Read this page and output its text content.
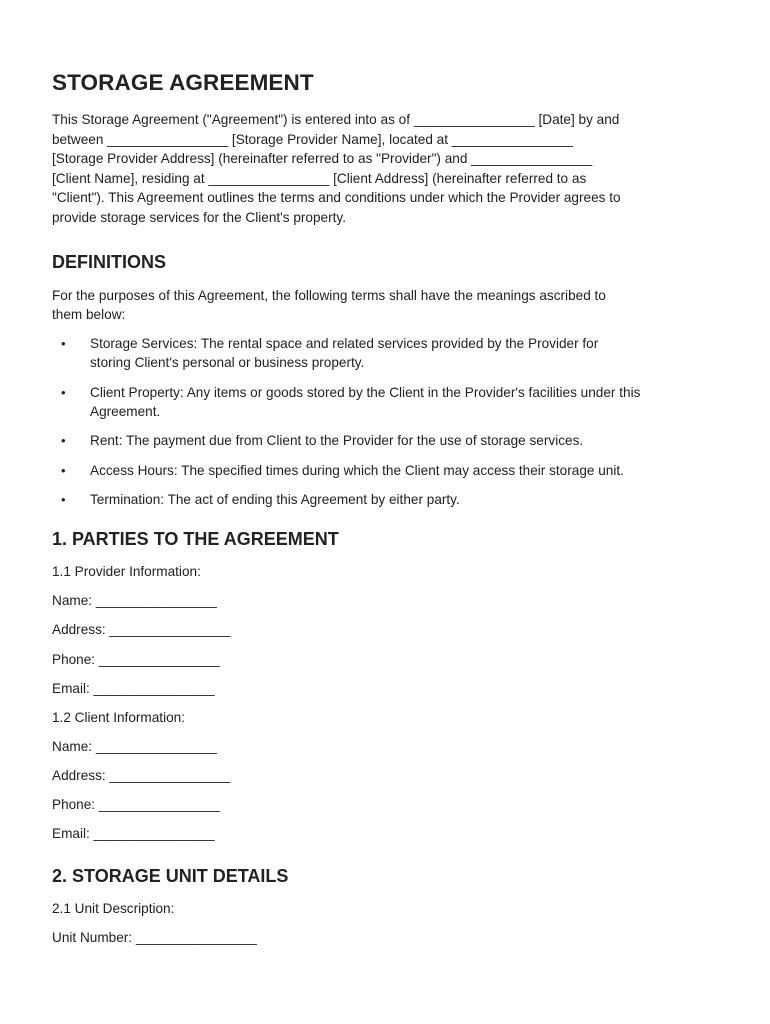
STORAGE AGREEMENT
This Storage Agreement ("Agreement") is entered into as of ________________ [Date] by and
between ________________ [Storage Provider Name], located at ________________
[Storage Provider Address] (hereinafter referred to as "Provider") and ________________
[Client Name], residing at ________________ [Client Address] (hereinafter referred to as
"Client"). This Agreement outlines the terms and conditions under which the Provider agrees to
provide storage services for the Client's property.
DEFINITIONS
For the purposes of this Agreement, the following terms shall have the meanings ascribed to
them below:
• Storage Services: The rental space and related services provided by the Provider for
storing Client's personal or business property.
• Client Property: Any items or goods stored by the Client in the Provider's facilities under this
Agreement.
• Rent: The payment due from Client to the Provider for the use of storage services.
• Access Hours: The specified times during which the Client may access their storage unit.
• Termination: The act of ending this Agreement by either party.
1. PARTIES TO THE AGREEMENT
1.1 Provider Information:
Name: ________________
Address: ________________
Phone: ________________
Email: ________________
1.2 Client Information:
Name: ________________
Address: ________________
Phone: ________________
Email: ________________
2. STORAGE UNIT DETAILS
2.1 Unit Description:
Unit Number: ________________
